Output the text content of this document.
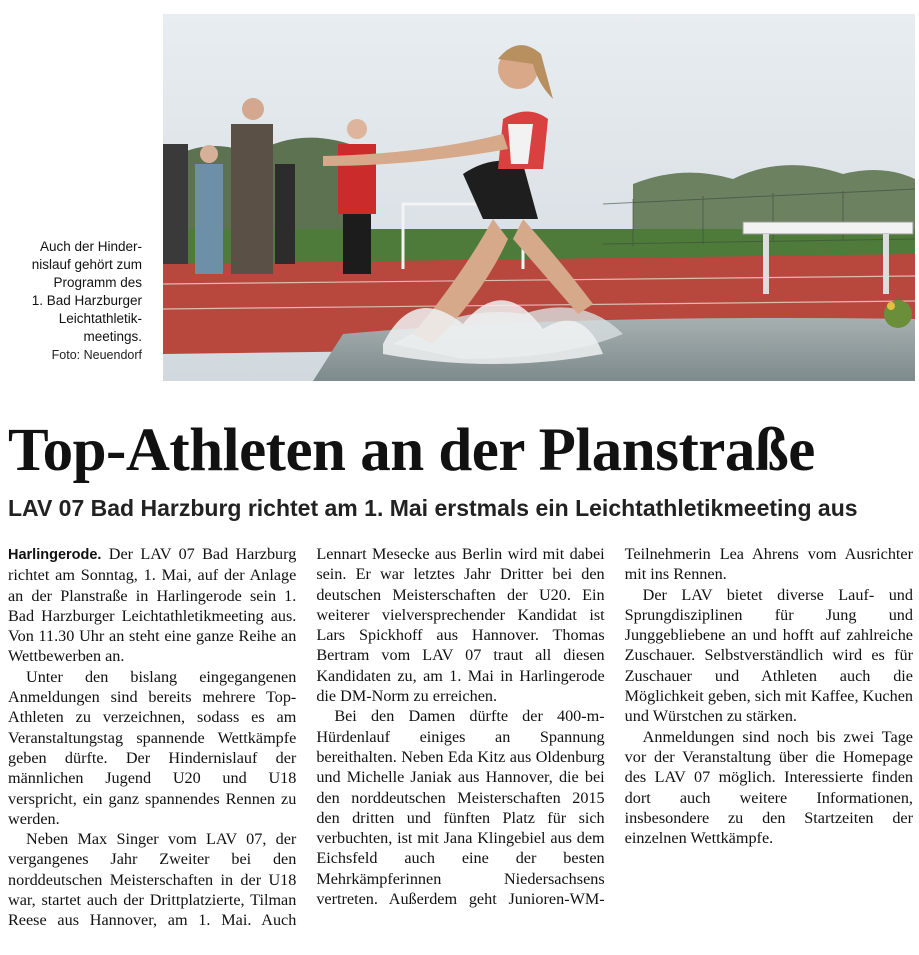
Auch der Hinder-
nislauf gehört zum
Programm des
1. Bad Harzburger
Leichtathletik-
meetings.
Foto: Neuendorf
Top-Athleten an der Planstraße
LAV 07 Bad Harzburg richtet am 1. Mai erstmals ein Leichtathletikmeeting aus

Harlingerode. Der LAV 07 Bad Harzburg richtet am Sonntag, 1. Mai, auf der Anlage an der Planstraße in Harlingerode sein 1. Bad Harzburger Leichtathletikmeeting aus. Von 11.30 Uhr an steht eine ganze Reihe an Wettbewerben an.

Unter den bislang eingegangenen Anmeldungen sind bereits mehrere Top-Athleten zu verzeichnen, sodass es am Veranstaltungstag spannende Wettkämpfe geben dürfte. Der Hindernislauf der männlichen Jugend U20 und U18 verspricht, ein ganz spannendes Rennen zu werden.

Neben Max Singer vom LAV 07, der vergangenes Jahr Zweiter bei den norddeutschen Meisterschaften in der U18 war, startet auch der Drittplatzierte, Tilman Reese aus Hannover, am 1. Mai. Auch Lennart Mesecke aus Berlin wird mit dabei sein. Er war letztes Jahr Dritter bei den deutschen Meisterschaften der U20. Ein weiterer vielversprechender Kandidat ist Lars Spickhoff aus Hannover. Thomas Bertram vom LAV 07 traut all diesen Kandidaten zu, am 1. Mai in Harlingerode die DM-Norm zu erreichen.

Bei den Damen dürfte der 400-m-Hürdenlauf einiges an Spannung bereithalten. Neben Eda Kitz aus Oldenburg und Michelle Janiak aus Hannover, die bei den norddeutschen Meisterschaften 2015 den dritten und fünften Platz für sich verbuchten, ist mit Jana Klingebiel aus dem Eichsfeld auch eine der besten Mehrkämpferinnen Niedersachsens vertreten. Außerdem geht Junioren-WM-Teilnehmerin Lea Ahrens vom Ausrichter mit ins Rennen.

Der LAV bietet diverse Lauf- und Sprungdisziplinen für Jung und Junggebliebene an und hofft auf zahlreiche Zuschauer. Selbstverständlich wird es für Zuschauer und Athleten auch die Möglichkeit geben, sich mit Kaffee, Kuchen und Würstchen zu stärken.

Anmeldungen sind noch bis zwei Tage vor der Veranstaltung über die Homepage des LAV 07 möglich. Interessierte finden dort auch weitere Informationen, insbesondere zu den Startzeiten der einzelnen Wettkämpfe.
